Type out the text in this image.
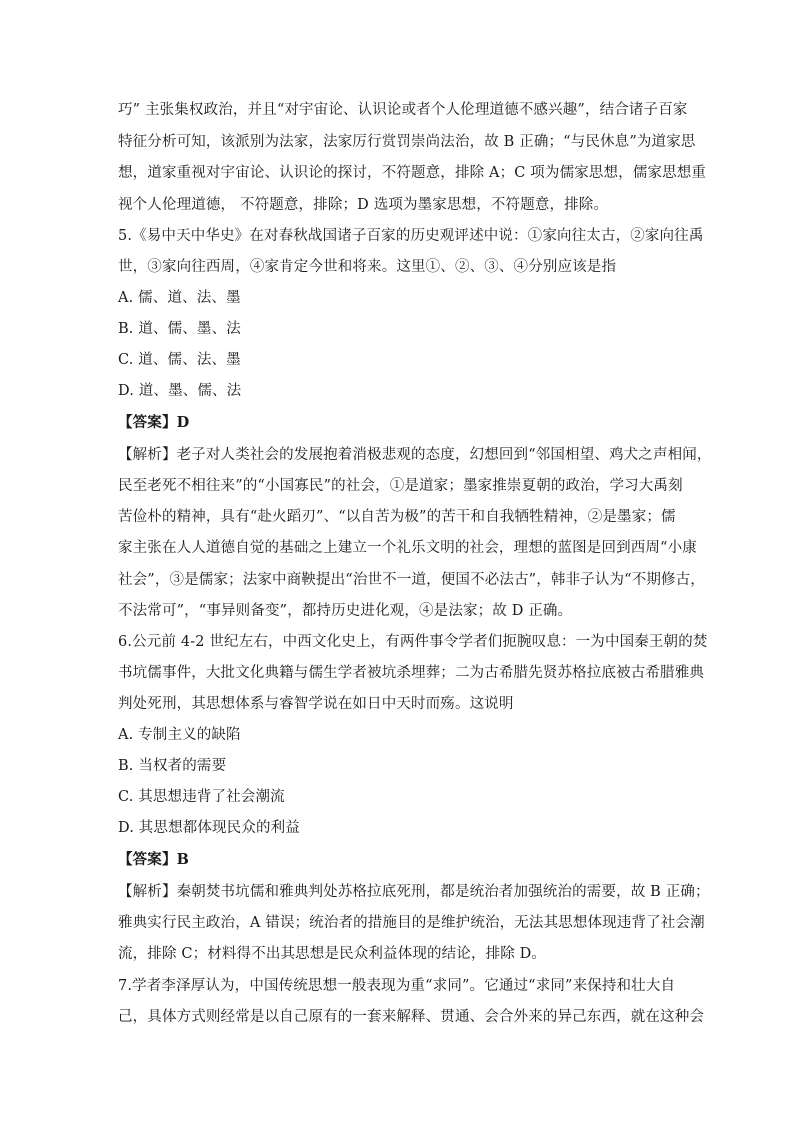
巧” 主张集权政治，并且“对宇宙论、认识论或者个人伦理道德不感兴趣”，结合诸子百家
特征分析可知，该派别为法家，法家厉行赏罚崇尚法治，故 B 正确；“与民休息”为道家思
想，道家重视对宇宙论、认识论的探讨，不符题意，排除 A；C 项为儒家思想，儒家思想重
视个人伦理道德， 不符题意，排除；D 选项为墨家思想，不符题意，排除。
5.《易中天中华史》在对春秋战国诸子百家的历史观评述中说：①家向往太古，②家向往禹
世，③家向往西周，④家肯定今世和将来。这里①、②、③、④分别应该是指
A. 儒、道、法、墨
B. 道、儒、墨、法
C. 道、儒、法、墨
D. 道、墨、儒、法
【答案】D
【解析】老子对人类社会的发展抱着消极悲观的态度，幻想回到“邻国相望、鸡犬之声相闻，
民至老死不相往来”的“小国寡民”的社会，①是道家；墨家推崇夏朝的政治，学习大禹刻
苦俭朴的精神，具有“赴火蹈刃”、“以自苦为极”的苦干和自我牺牲精神，②是墨家；儒
家主张在人人道德自觉的基础之上建立一个礼乐文明的社会，理想的蓝图是回到西周“小康
社会”，③是儒家；法家中商鞅提出“治世不一道，便国不必法古”，韩非子认为“不期修古，
不法常可”，“事异则备变”，都持历史进化观，④是法家；故 D 正确。
6.公元前 4-2 世纪左右，中西文化史上，有两件事令学者们扼腕叹息：一为中国秦王朝的焚
书坑儒事件，大批文化典籍与儒生学者被坑杀埋葬；二为古希腊先贤苏格拉底被古希腊雅典
判处死刑，其思想体系与睿智学说在如日中天时而殇。这说明
A. 专制主义的缺陷
B. 当权者的需要
C. 其思想违背了社会潮流
D. 其思想都体现民众的利益
【答案】B
【解析】秦朝焚书坑儒和雅典判处苏格拉底死刑，都是统治者加强统治的需要，故 B 正确；
雅典实行民主政治，A 错误；统治者的措施目的是维护统治，无法其思想体现违背了社会潮
流，排除 C；材料得不出其思想是民众利益体现的结论，排除 D。
7.学者李泽厚认为，中国传统思想一般表现为重“求同”。它通过“求同”来保持和壮大自
己，具体方式则经常是以自己原有的一套来解释、贯通、会合外来的异己东西，就在这种会
